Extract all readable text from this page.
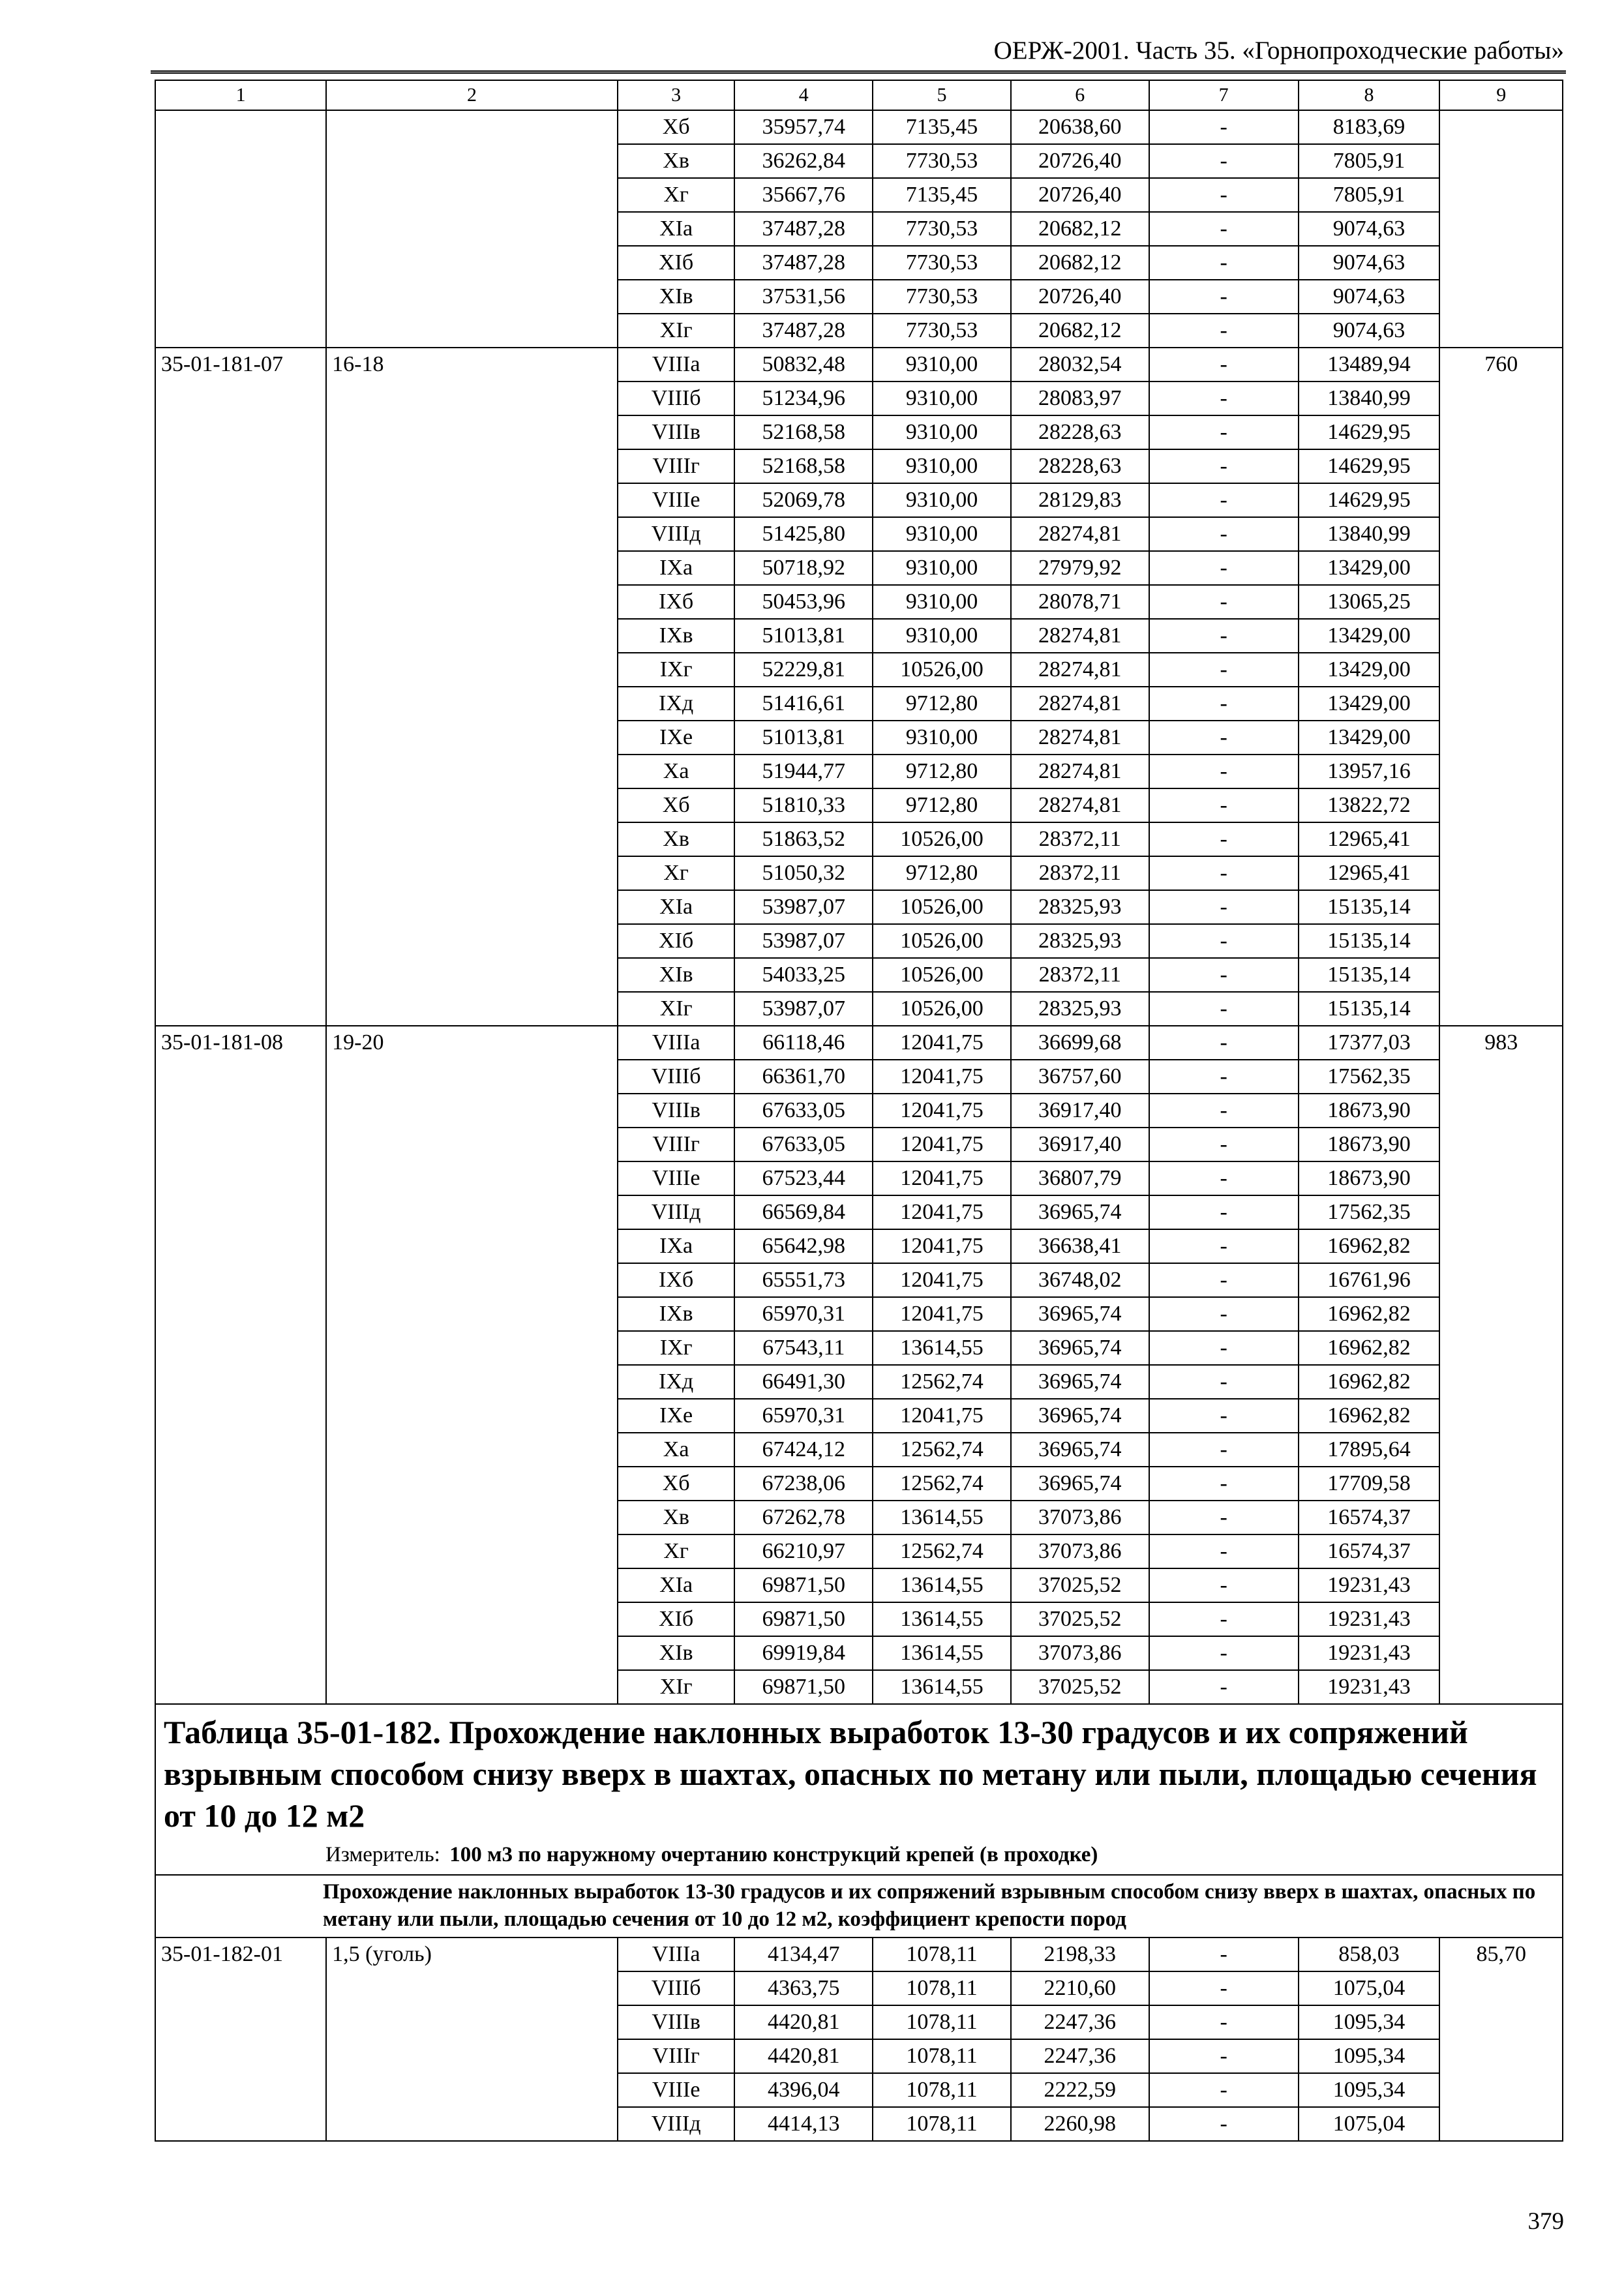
ОЕРЖ-2001. Часть 35. «Горнопроходческие работы»
1	2	3	4	5	6	7	8	9
		Xб	35957,74	7135,45	20638,60	-	8183,69	
		Xв	36262,84	7730,53	20726,40	-	7805,91	
		Xг	35667,76	7135,45	20726,40	-	7805,91	
		XIа	37487,28	7730,53	20682,12	-	9074,63	
		XIб	37487,28	7730,53	20682,12	-	9074,63	
		XIв	37531,56	7730,53	20726,40	-	9074,63	
		XIг	37487,28	7730,53	20682,12	-	9074,63	
35-01-181-07	16-18	VIIIа	50832,48	9310,00	28032,54	-	13489,94	760
		VIIIб	51234,96	9310,00	28083,97	-	13840,99	
		VIIIв	52168,58	9310,00	28228,63	-	14629,95	
		VIIIг	52168,58	9310,00	28228,63	-	14629,95	
		VIIIе	52069,78	9310,00	28129,83	-	14629,95	
		VIIIд	51425,80	9310,00	28274,81	-	13840,99	
		IXа	50718,92	9310,00	27979,92	-	13429,00	
		IXб	50453,96	9310,00	28078,71	-	13065,25	
		IXв	51013,81	9310,00	28274,81	-	13429,00	
		IXг	52229,81	10526,00	28274,81	-	13429,00	
		IXд	51416,61	9712,80	28274,81	-	13429,00	
		IXе	51013,81	9310,00	28274,81	-	13429,00	
		Xа	51944,77	9712,80	28274,81	-	13957,16	
		Xб	51810,33	9712,80	28274,81	-	13822,72	
		Xв	51863,52	10526,00	28372,11	-	12965,41	
		Xг	51050,32	9712,80	28372,11	-	12965,41	
		XIа	53987,07	10526,00	28325,93	-	15135,14	
		XIб	53987,07	10526,00	28325,93	-	15135,14	
		XIв	54033,25	10526,00	28372,11	-	15135,14	
		XIг	53987,07	10526,00	28325,93	-	15135,14	
35-01-181-08	19-20	VIIIа	66118,46	12041,75	36699,68	-	17377,03	983
		VIIIб	66361,70	12041,75	36757,60	-	17562,35	
		VIIIв	67633,05	12041,75	36917,40	-	18673,90	
		VIIIг	67633,05	12041,75	36917,40	-	18673,90	
		VIIIе	67523,44	12041,75	36807,79	-	18673,90	
		VIIIд	66569,84	12041,75	36965,74	-	17562,35	
		IXа	65642,98	12041,75	36638,41	-	16962,82	
		IXб	65551,73	12041,75	36748,02	-	16761,96	
		IXв	65970,31	12041,75	36965,74	-	16962,82	
		IXг	67543,11	13614,55	36965,74	-	16962,82	
		IXд	66491,30	12562,74	36965,74	-	16962,82	
		IXе	65970,31	12041,75	36965,74	-	16962,82	
		Xа	67424,12	12562,74	36965,74	-	17895,64	
		Xб	67238,06	12562,74	36965,74	-	17709,58	
		Xв	67262,78	13614,55	37073,86	-	16574,37	
		Xг	66210,97	12562,74	37073,86	-	16574,37	
		XIа	69871,50	13614,55	37025,52	-	19231,43	
		XIб	69871,50	13614,55	37025,52	-	19231,43	
		XIв	69919,84	13614,55	37073,86	-	19231,43	
		XIг	69871,50	13614,55	37025,52	-	19231,43	

Таблица 35-01-182. Прохождение наклонных выработок 13-30 градусов и их сопряжений взрывным способом снизу вверх в шахтах, опасных по метану или пыли, площадью сечения от 10 до 12 м2
Измеритель: 100 м3 по наружному очертанию конструкций крепей (в проходке)								

Прохождение наклонных выработок 13-30 градусов и их сопряжений взрывным способом снизу вверх в шахтах, опасных по метану или пыли, площадью сечения от 10 до 12 м2, коэффициент крепости пород								

35-01-182-01	1,5 (уголь)	VIIIа	4134,47	1078,11	2198,33	-	858,03	85,70
		VIIIб	4363,75	1078,11	2210,60	-	1075,04	
		VIIIв	4420,81	1078,11	2247,36	-	1095,34	
		VIIIг	4420,81	1078,11	2247,36	-	1095,34	
		VIIIе	4396,04	1078,11	2222,59	-	1095,34	
		VIIIд	4414,13	1078,11	2260,98	-	1075,04	
379
